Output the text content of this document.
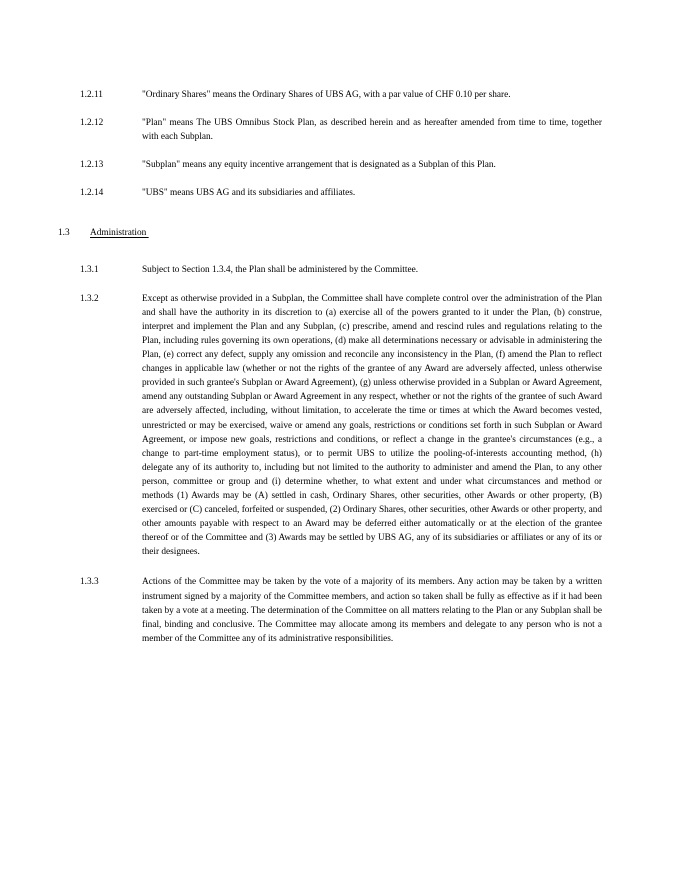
1.2.11	"Ordinary Shares" means the Ordinary Shares of UBS AG, with a par value of CHF 0.10 per share.
1.2.12	"Plan" means The UBS Omnibus Stock Plan, as described herein and as hereafter amended from time to time, together with each Subplan.
1.2.13	"Subplan" means any equity incentive arrangement that is designated as a Subplan of this Plan.
1.2.14	"UBS" means UBS AG and its subsidiaries and affiliates.
1.3	Administration
1.3.1	Subject to Section 1.3.4, the Plan shall be administered by the Committee.
1.3.2	Except as otherwise provided in a Subplan, the Committee shall have complete control over the administration of the Plan and shall have the authority in its discretion to (a) exercise all of the powers granted to it under the Plan, (b) construe, interpret and implement the Plan and any Subplan, (c) prescribe, amend and rescind rules and regulations relating to the Plan, including rules governing its own operations, (d) make all determinations necessary or advisable in administering the Plan, (e) correct any defect, supply any omission and reconcile any inconsistency in the Plan, (f) amend the Plan to reflect changes in applicable law (whether or not the rights of the grantee of any Award are adversely affected, unless otherwise provided in such grantee's Subplan or Award Agreement), (g) unless otherwise provided in a Subplan or Award Agreement, amend any outstanding Subplan or Award Agreement in any respect, whether or not the rights of the grantee of such Award are adversely affected, including, without limitation, to accelerate the time or times at which the Award becomes vested, unrestricted or may be exercised, waive or amend any goals, restrictions or conditions set forth in such Subplan or Award Agreement, or impose new goals, restrictions and conditions, or reflect a change in the grantee's circumstances (e.g., a change to part-time employment status), or to permit UBS to utilize the pooling-of-interests accounting method, (h) delegate any of its authority to, including but not limited to the authority to administer and amend the Plan, to any other person, committee or group and (i) determine whether, to what extent and under what circumstances and method or methods (1) Awards may be (A) settled in cash, Ordinary Shares, other securities, other Awards or other property, (B) exercised or (C) canceled, forfeited or suspended, (2) Ordinary Shares, other securities, other Awards or other property, and other amounts payable with respect to an Award may be deferred either automatically or at the election of the grantee thereof or of the Committee and (3) Awards may be settled by UBS AG, any of its subsidiaries or affiliates or any of its or their designees.
1.3.3	Actions of the Committee may be taken by the vote of a majority of its members. Any action may be taken by a written instrument signed by a majority of the Committee members, and action so taken shall be fully as effective as if it had been taken by a vote at a meeting. The determination of the Committee on all matters relating to the Plan or any Subplan shall be final, binding and conclusive. The Committee may allocate among its members and delegate to any person who is not a member of the Committee any of its administrative responsibilities.
